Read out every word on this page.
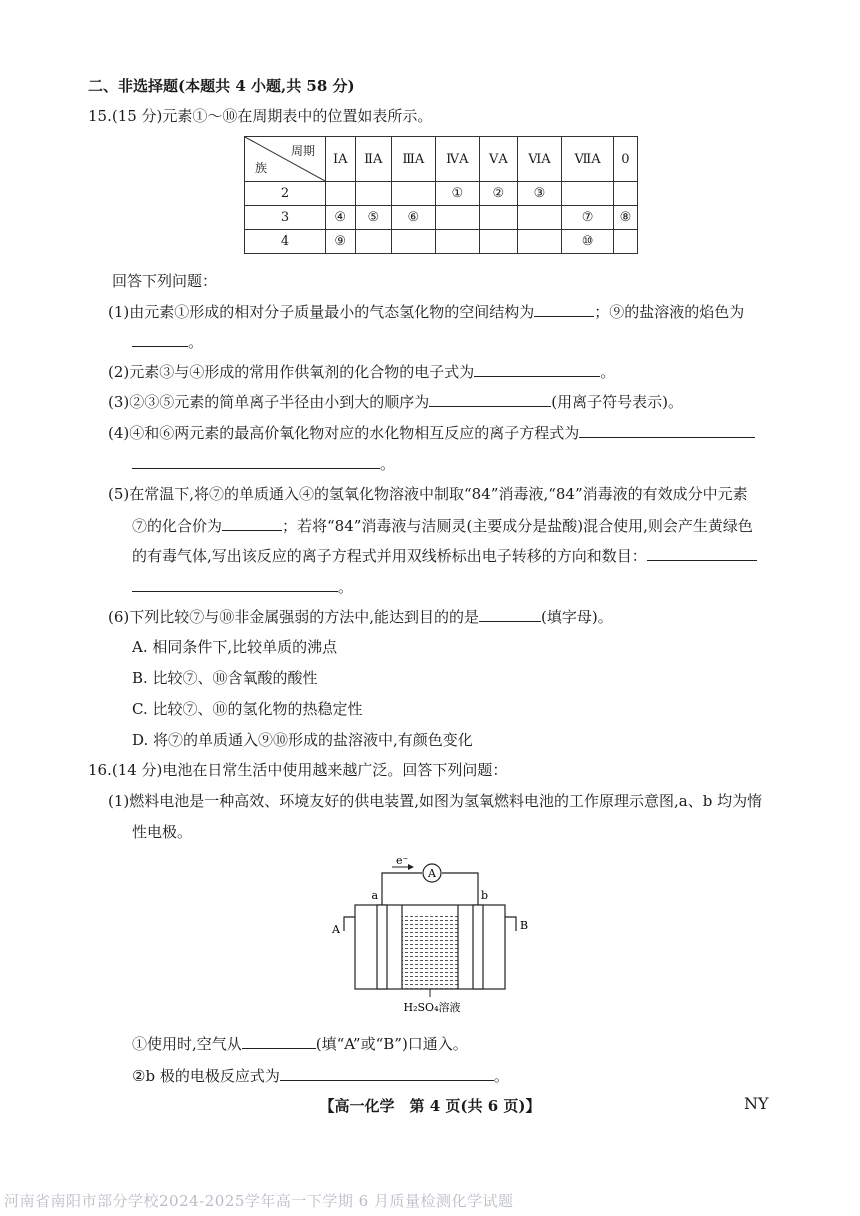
二、非选择题(本题共 4 小题,共 58 分)
15.(15 分)元素①～⑩在周期表中的位置如表所示。
周期
族	ⅠA	ⅡA	ⅢA	ⅣA	ⅤA	ⅥA	ⅦA	0
2				①	②	③		
3	④	⑤	⑥				⑦	⑧
4	⑨						⑩	
回答下列问题：
(1)由元素①形成的相对分子质量最小的气态氢化物的空间结构为	；⑨的盐溶液的焰色为
。
(2)元素③与④形成的常用作供氧剂的化合物的电子式为	。
(3)②③⑤元素的简单离子半径由小到大的顺序为	(用离子符号表示)。
(4)④和⑥两元素的最高价氧化物对应的水化物相互反应的离子方程式为
。
(5)在常温下,将⑦的单质通入④的氢氧化物溶液中制取“84”消毒液,“84”消毒液的有效成分中元素
⑦的化合价为	；若将“84”消毒液与洁厕灵(主要成分是盐酸)混合使用,则会产生黄绿色
的有毒气体,写出该反应的离子方程式并用双线桥标出电子转移的方向和数目：
。
(6)下列比较⑦与⑩非金属强弱的方法中,能达到目的的是	(填字母)。
A. 相同条件下,比较单质的沸点
B. 比较⑦、⑩含氧酸的酸性
C. 比较⑦、⑩的氢化物的热稳定性
D. 将⑦的单质通入⑨⑩形成的盐溶液中,有颜色变化
16.(14 分)电池在日常生活中使用越来越广泛。回答下列问题：
(1)燃料电池是一种高效、环境友好的供电装置,如图为氢氧燃料电池的工作原理示意图,a、b 均为惰
性电极。
e⁻
A
a	b
A	B
H₂SO₄溶液
①使用时,空气从	(填“A”或“B”)口通入。
②b 极的电极反应式为	。
【高一化学　第 4 页(共 6 页)】	NY
河南省南阳市部分学校2024-2025学年高一下学期 6 月质量检测化学试题
